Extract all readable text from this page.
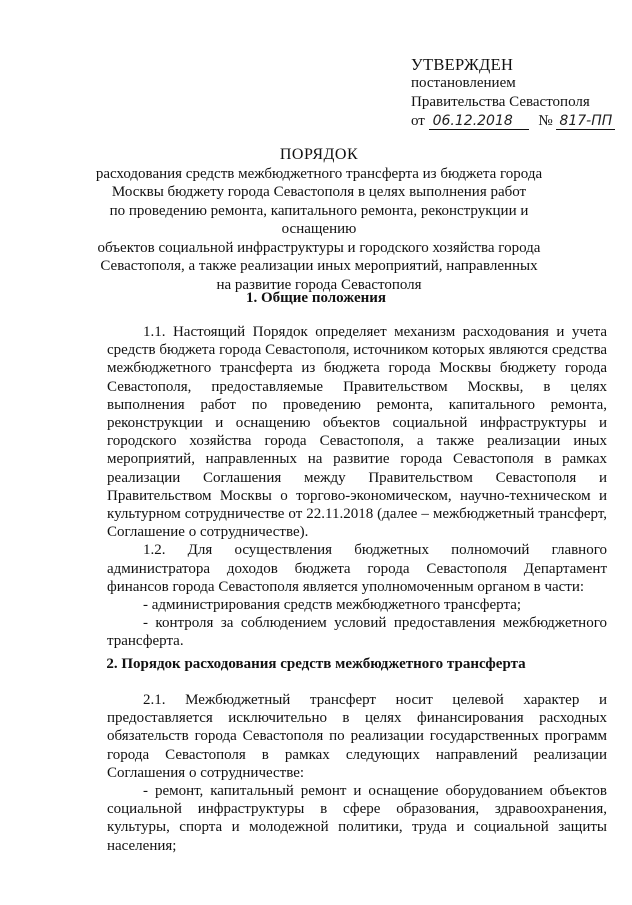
УТВЕРЖДЕН
постановлением
Правительства Севастополя
от 06.12.2018 № 817-ПП
ПОРЯДОК
расходования средств межбюджетного трансферта из бюджета города
Москвы бюджету города Севастополя в целях выполнения работ
по проведению ремонта, капитального ремонта, реконструкции и оснащению
объектов социальной инфраструктуры и городского хозяйства города
Севастополя, а также реализации иных мероприятий, направленных
на развитие города Севастополя
1. Общие положения

1.1. Настоящий Порядок определяет механизм расходования и учета средств бюджета города Севастополя, источником которых являются средства межбюджетного трансферта из бюджета города Москвы бюджету города Севастополя, предоставляемые Правительством Москвы, в целях выполнения работ по проведению ремонта, капитального ремонта, реконструкции и оснащению объектов социальной инфраструктуры и городского хозяйства города Севастополя, а также реализации иных мероприятий, направленных на развитие города Севастополя в рамках реализации Соглашения между Правительством Севастополя и Правительством Москвы о торгово-экономическом, научно-техническом и культурном сотрудничестве от 22.11.2018 (далее – межбюджетный трансферт, Соглашение о сотрудничестве).

1.2. Для осуществления бюджетных полномочий главного администратора доходов бюджета города Севастополя Департамент финансов города Севастополя является уполномоченным органом в части:

- администрирования средств межбюджетного трансферта;

- контроля за соблюдением условий предоставления межбюджетного трансферта.

2. Порядок расходования средств межбюджетного трансферта

2.1. Межбюджетный трансферт носит целевой характер и предоставляется исключительно в целях финансирования расходных обязательств города Севастополя по реализации государственных программ города Севастополя в рамках следующих направлений реализации Соглашения о сотрудничестве:

- ремонт, капитальный ремонт и оснащение оборудованием объектов социальной инфраструктуры в сфере образования, здравоохранения, культуры, спорта и молодежной политики, труда и социальной защиты населения;
